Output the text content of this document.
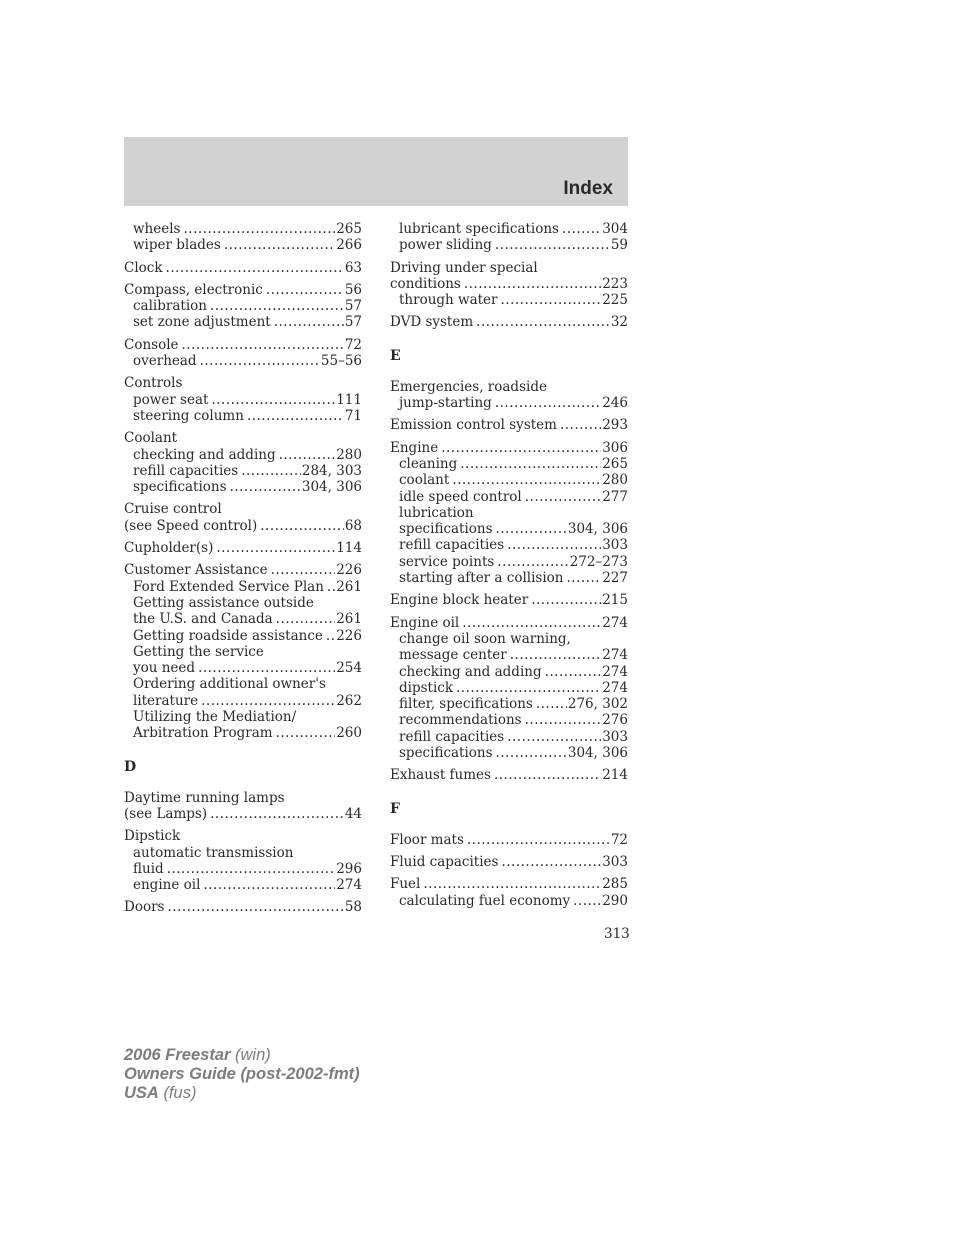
Index
wheels .....	265
wiper blades .....	266
Clock .....	63
Compass, electronic .....	56
calibration .....	57
set zone adjustment .....	57
Console .....	72
overhead .....	55–56
Controls
power seat .....	111
steering column .....	71
Coolant
checking and adding .....	280
refill capacities .....	284, 303
specifications .....	304, 306
Cruise control
(see Speed control) .....	68
Cupholder(s) .....	114
Customer Assistance .....	226
Ford Extended Service Plan ..... 261
Getting assistance outside
the U.S. and Canada .....	261
Getting roadside assistance ..... 226
Getting the service
you need .....	254
Ordering additional owner's
literature .....	262
Utilizing the Mediation/
Arbitration Program .....	260
D
Daytime running lamps
(see Lamps) .....	44
Dipstick
automatic transmission
fluid .....	296
engine oil .....	274
Doors .....	58
lubricant specifications .....	304
power sliding .....	59
Driving under special
conditions .....	223
through water .....	225
DVD system .....	32
E
Emergencies, roadside
jump-starting .....	246
Emission control system .....	293
Engine .....	306
cleaning .....	265
coolant .....	280
idle speed control .....	277
lubrication
specifications .....	304, 306
refill capacities .....	303
service points .....	272–273
starting after a collision .....	227
Engine block heater .....	215
Engine oil .....	274
change oil soon warning,
message center .....	274
checking and adding .....	274
dipstick .....	274
filter, specifications .....	276, 302
recommendations .....	276
refill capacities .....	303
specifications .....	304, 306
Exhaust fumes .....	214
F
Floor mats .....	72
Fluid capacities .....	303
Fuel .....	285
calculating fuel economy ..... 290
313
2006 Freestar (win)
Owners Guide (post-2002-fmt)
USA (fus)
